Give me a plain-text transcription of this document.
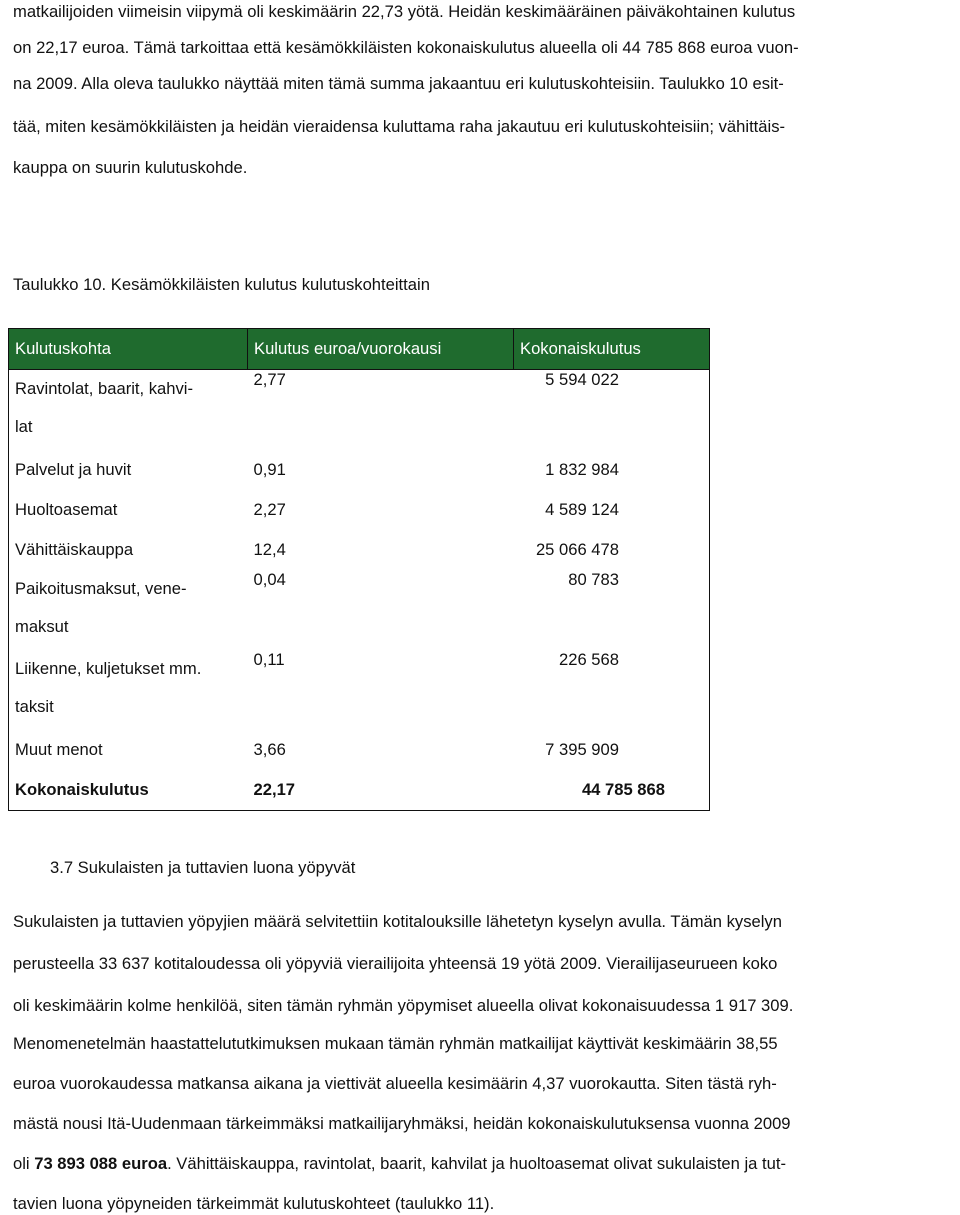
matkailijoiden viimeisin viipymä oli keskimäärin 22,73 yötä. Heidän keskimääräinen päiväkohtainen kulutus
on 22,17 euroa. Tämä tarkoittaa että kesämökkiläisten kokonaiskulutus alueella oli 44 785 868 euroa vuon-
na 2009. Alla oleva taulukko näyttää miten tämä summa jakaantuu eri kulutuskohteisiin. Taulukko 10 esit-
tää, miten kesämökkiläisten ja heidän vieraidensa kuluttama raha jakautuu eri kulutuskohteisiin; vähittäis-
kauppa on suurin kulutuskohde.
Taulukko 10. Kesämökkiläisten kulutus kulutuskohteittain
Kulutuskohta	Kulutus euroa/vuorokausi	Kokonaiskulutus

Ravintolat, baarit, kahvi-
lat	2,77	5 594 022
Palvelut ja huvit	0,91	1 832 984
Huoltoasemat	2,27	4 589 124
Vähittäiskauppa	12,4	25 066 478

Paikoitusmaksut, vene-
maksut	0,04	80 783

Liikenne, kuljetukset mm.
taksit	0,11	226 568
Muut menot	3,66	7 395 909
Kokonaiskulutus	22,17	44 785 868
3.7 Sukulaisten ja tuttavien luona yöpyvät
Sukulaisten ja tuttavien yöpyjien määrä selvitettiin kotitalouksille lähetetyn kyselyn avulla. Tämän kyselyn
perusteella 33 637 kotitaloudessa oli yöpyviä vierailijoita yhteensä 19 yötä 2009. Vierailijaseurueen koko
oli keskimäärin kolme henkilöä, siten tämän ryhmän yöpymiset alueella olivat kokonaisuudessa 1 917 309.
Menomenetelmän haastattelututkimuksen mukaan tämän ryhmän matkailijat käyttivät keskimäärin 38,55
euroa vuorokaudessa matkansa aikana ja viettivät alueella kesimäärin 4,37 vuorokautta. Siten tästä ryh-
mästä nousi Itä-Uudenmaan tärkeimmäksi matkailijaryhmäksi, heidän kokonaiskulutuksensa vuonna 2009
oli 73 893 088 euroa. Vähittäiskauppa, ravintolat, baarit, kahvilat ja huoltoasemat olivat sukulaisten ja tut-
tavien luona yöpyneiden tärkeimmät kulutuskohteet (taulukko 11).
